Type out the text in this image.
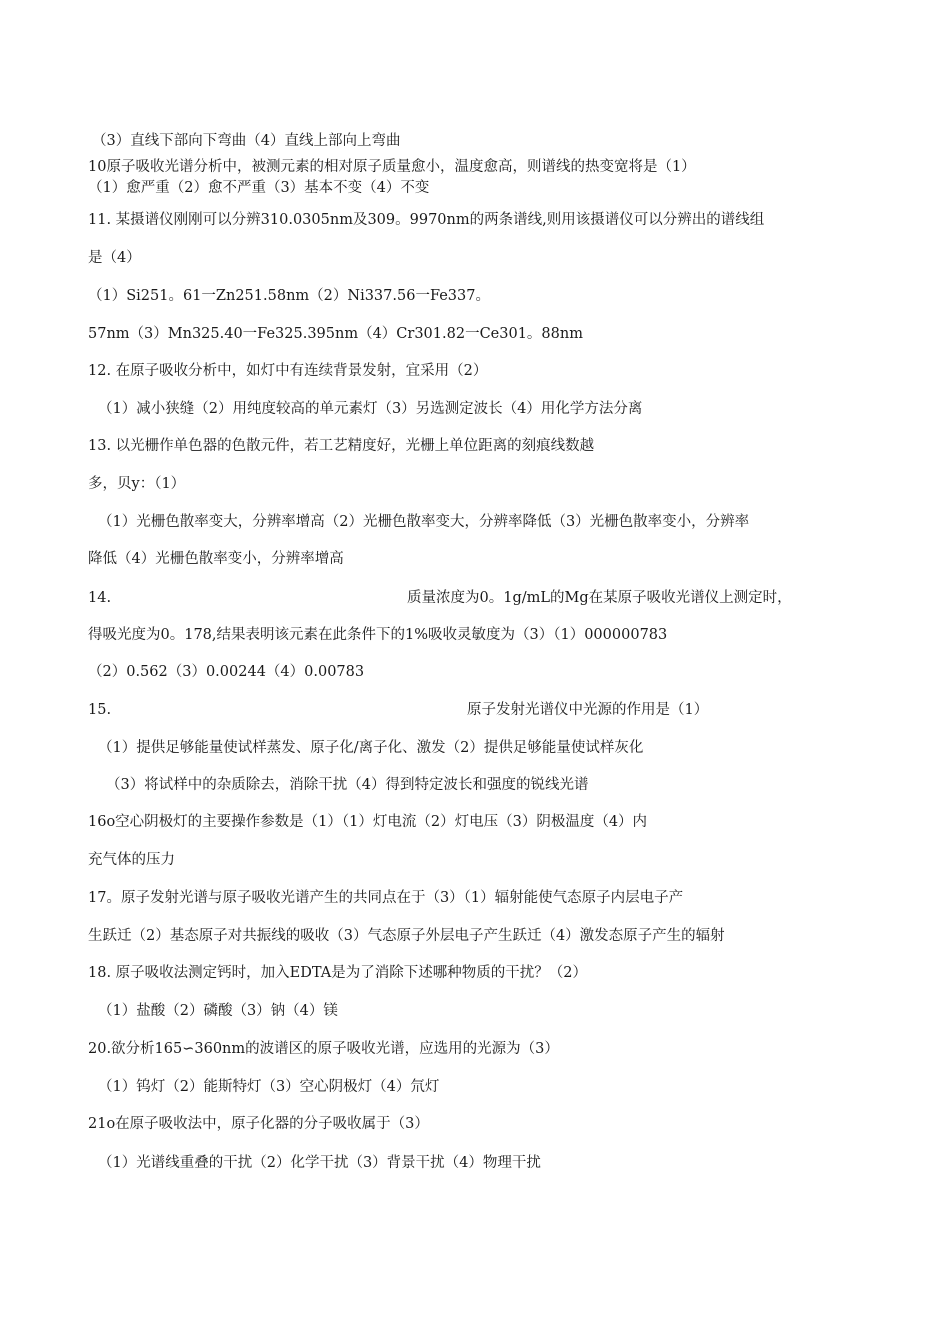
（3）直线下部向下弯曲（4）直线上部向上弯曲
10原子吸收光谱分析中，被测元素的相对原子质量愈小，温度愈高，则谱线的热变宽将是（1）
（1）愈严重（2）愈不严重（3）基本不变（4）不变
11. 某摄谱仪刚刚可以分辨310.0305nm及309。9970nm的两条谱线,则用该摄谱仪可以分辨出的谱线组
是（4）
（1）Si251。61一Zn251.58nm（2）Ni337.56一Fe337。
57nm（3）Mn325.40一Fe325.395nm（4）Cr301.82一Ce301。88nm
12. 在原子吸收分析中，如灯中有连续背景发射，宜采用（2）
（1）减小狭缝（2）用纯度较高的单元素灯（3）另选测定波长（4）用化学方法分离
13. 以光栅作单色器的色散元件，若工艺精度好，光栅上单位距离的刻痕线数越
多，贝y：（1）
（1）光栅色散率变大，分辨率增高（2）光栅色散率变大，分辨率降低（3）光栅色散率变小，分辨率
降低（4）光栅色散率变小，分辨率增高
14.	质量浓度为0。1g/mL的Mg在某原子吸收光谱仪上测定时，
得吸光度为0。178,结果表明该元素在此条件下的1%吸收灵敏度为（3）（1）000000783
（2）0.562（3）0.00244（4）0.00783
15.	原子发射光谱仪中光源的作用是（1）
（1）提供足够能量使试样蒸发、原子化/离子化、激发（2）提供足够能量使试样灰化
（3）将试样中的杂质除去，消除干扰（4）得到特定波长和强度的锐线光谱
16o空心阴极灯的主要操作参数是（1）（1）灯电流（2）灯电压（3）阴极温度（4）内
充气体的压力
17。原子发射光谱与原子吸收光谱产生的共同点在于（3）（1）辐射能使气态原子内层电子产
生跃迁（2）基态原子对共振线的吸收（3）气态原子外层电子产生跃迁（4）激发态原子产生的辐射
18. 原子吸收法测定钙时，加入EDTA是为了消除下述哪种物质的干扰？（2）
（1）盐酸（2）磷酸（3）钠（4）镁
20.欲分析165∽360nm的波谱区的原子吸收光谱，应选用的光源为（3）
（1）钨灯（2）能斯特灯（3）空心阴极灯（4）氘灯
21o在原子吸收法中，原子化器的分子吸收属于（3）
（1）光谱线重叠的干扰（2）化学干扰（3）背景干扰（4）物理干扰
